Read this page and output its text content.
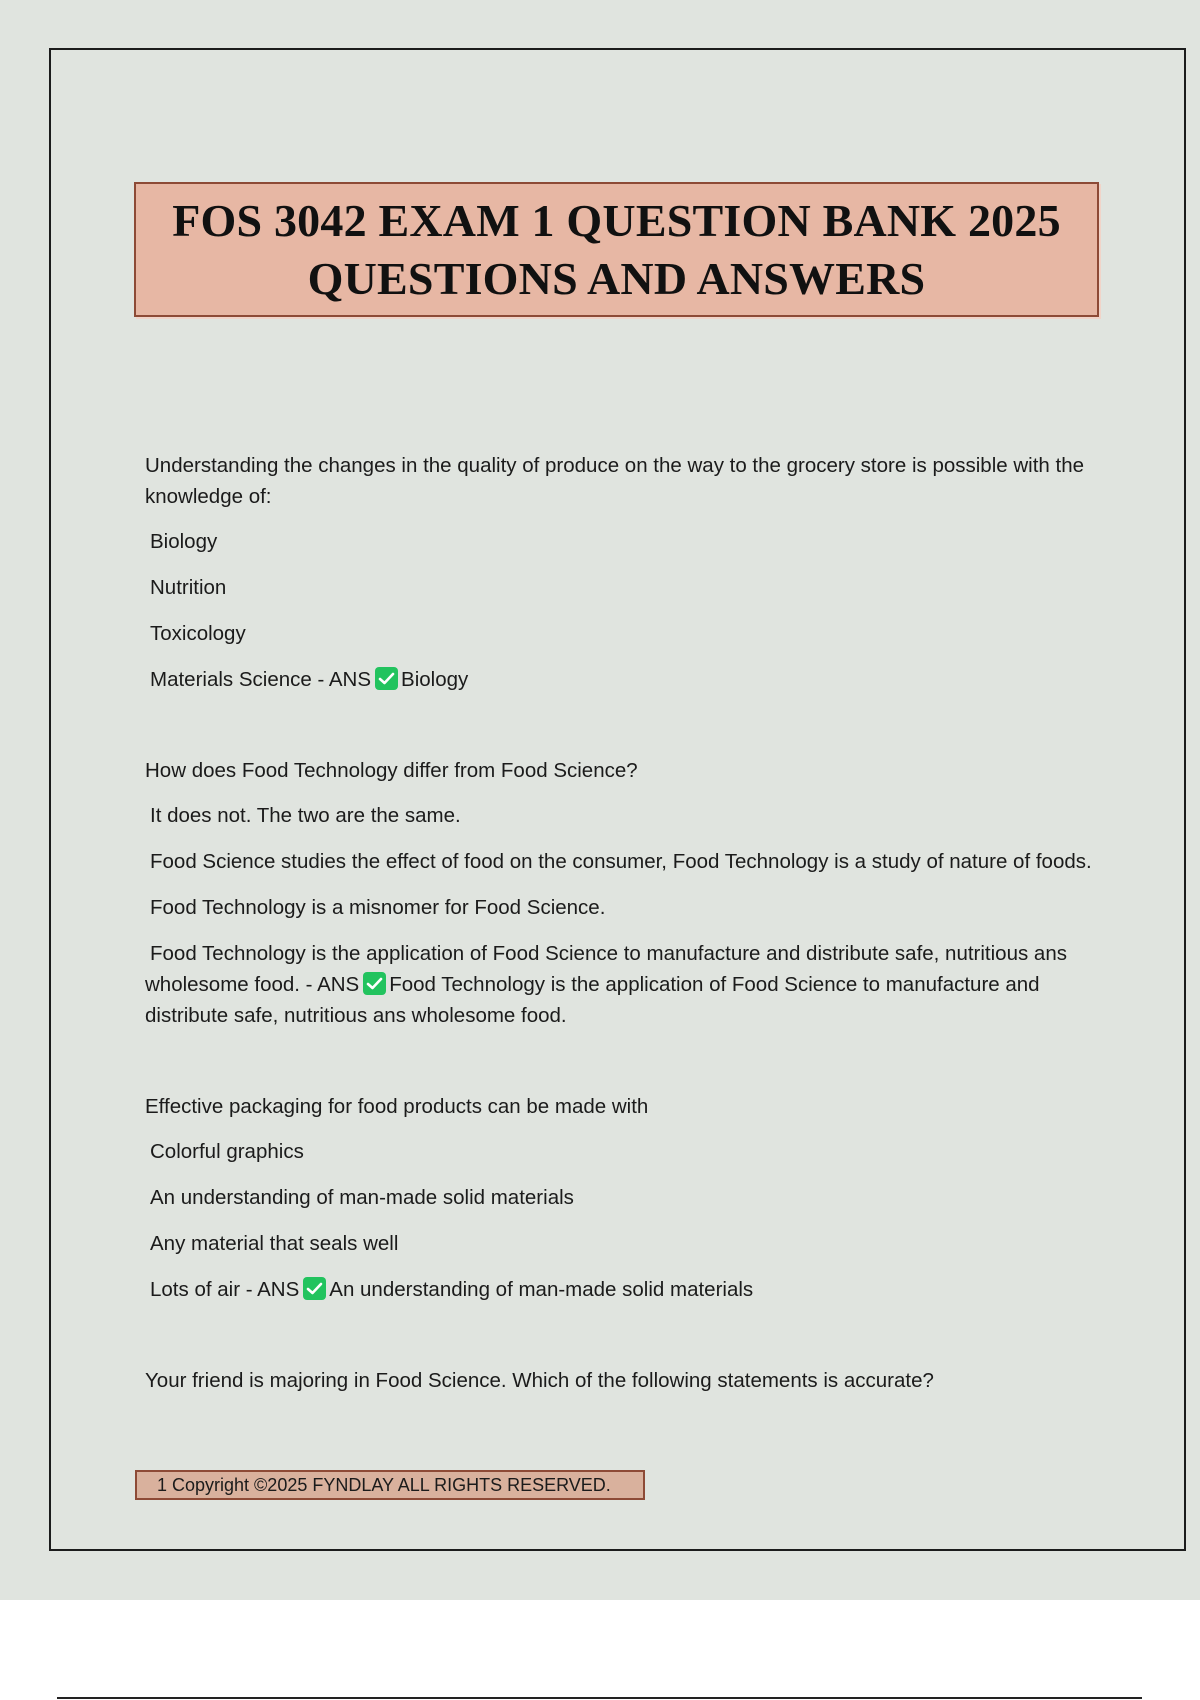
FOS 3042 EXAM 1 QUESTION BANK 2025
QUESTIONS AND ANSWERS
Understanding the changes in the quality of produce on the way to the grocery store is possible with the knowledge of:
Biology
Nutrition
Toxicology
Materials Science - ANS Biology
How does Food Technology differ from Food Science?
It does not. The two are the same.
Food Science studies the effect of food on the consumer, Food Technology is a study of nature of foods.
Food Technology is a misnomer for Food Science.
Food Technology is the application of Food Science to manufacture and distribute safe, nutritious ans wholesome food. - ANS Food Technology is the application of Food Science to manufacture and distribute safe, nutritious ans wholesome food.
Effective packaging for food products can be made with
Colorful graphics
An understanding of man-made solid materials
Any material that seals well
Lots of air - ANS An understanding of man-made solid materials
Your friend is majoring in Food Science. Which of the following statements is accurate?
1 Copyright ©2025 FYNDLAY ALL RIGHTS RESERVED.
